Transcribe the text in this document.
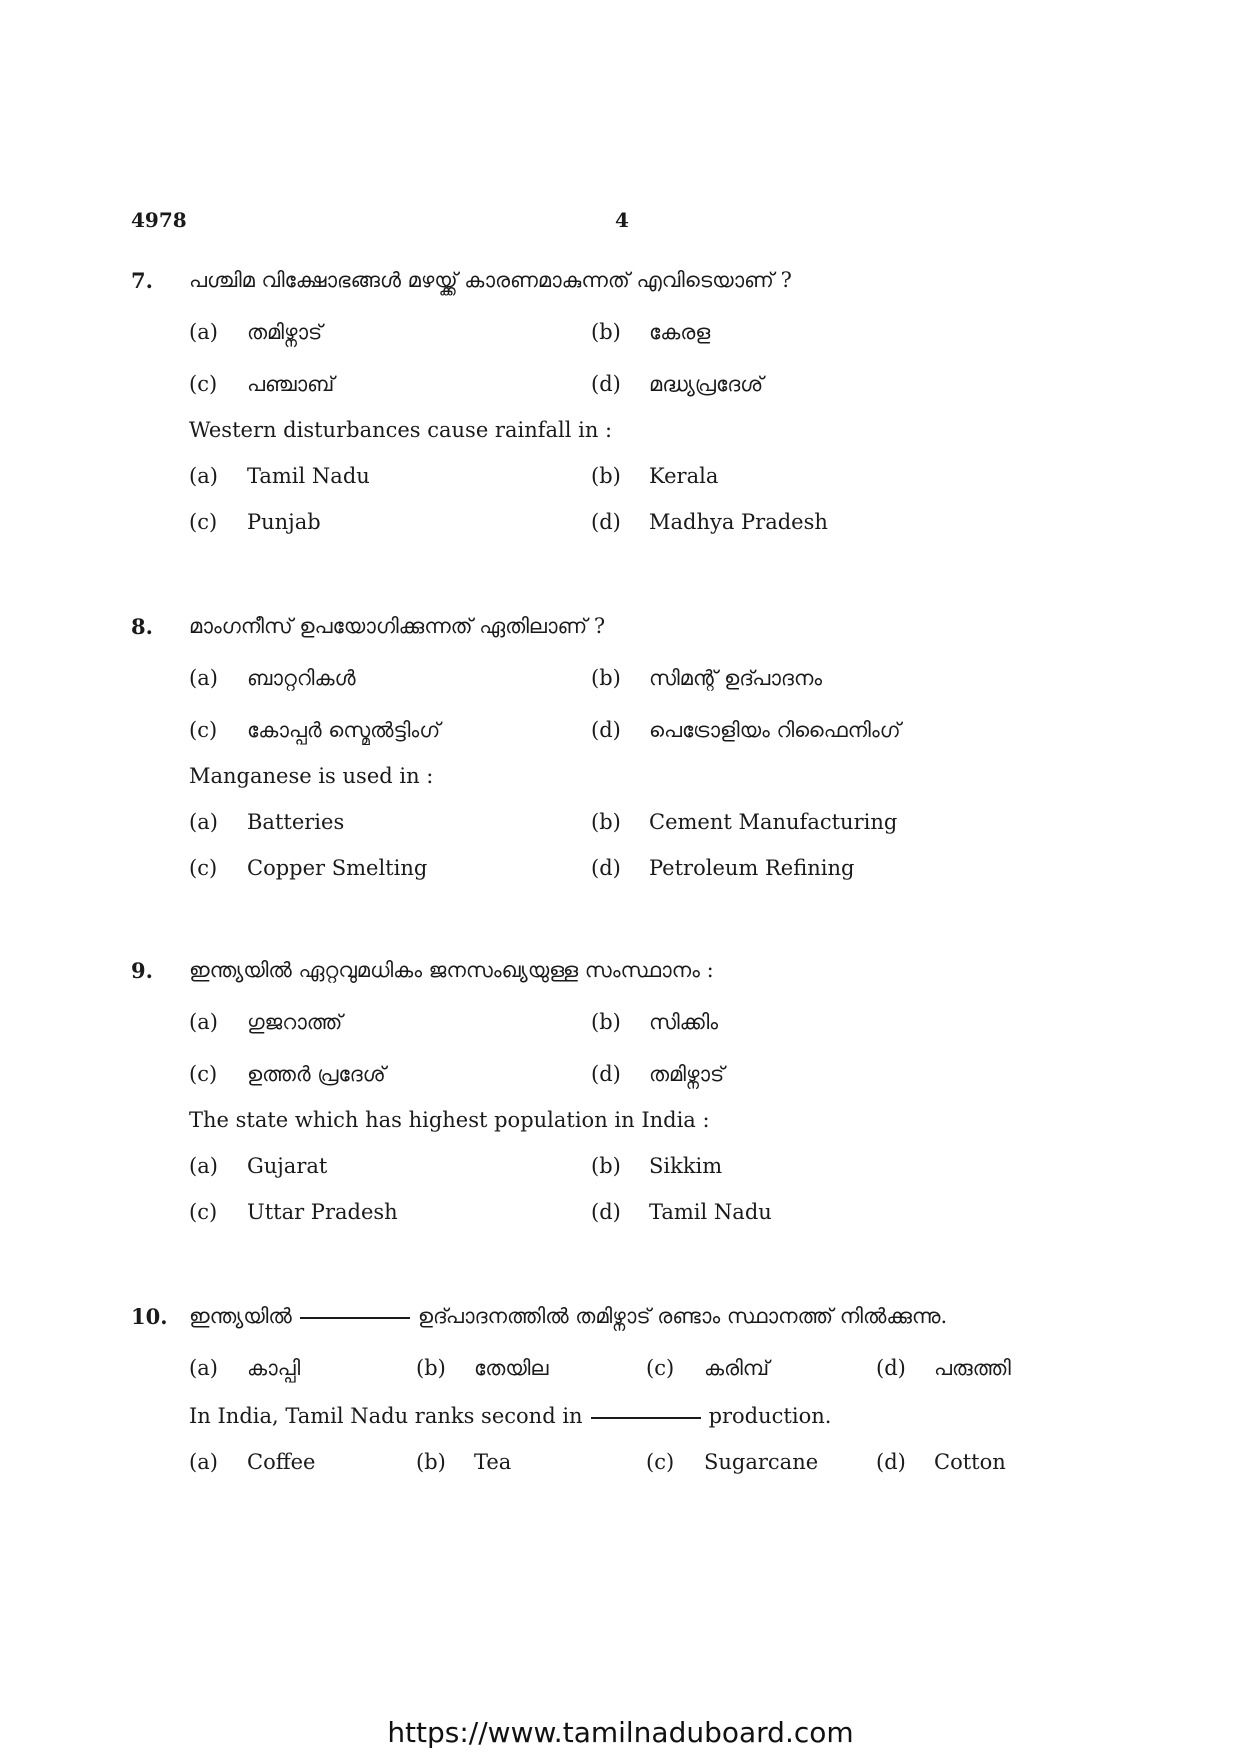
4978	4
7. പശ്ചിമ വിക്ഷോഭങ്ങൾ മഴയ്ക്ക് കാരണമാകുന്നത് എവിടെയാണ് ?
(a) തമിഴ്നാട്	(b) കേരള
(c) പഞ്ചാബ്	(d) മദ്ധ്യപ്രദേശ്
Western disturbances cause rainfall in :
(a) Tamil Nadu	(b) Kerala
(c) Punjab	(d) Madhya Pradesh
8. മാംഗനീസ് ഉപയോഗിക്കുന്നത് ഏതിലാണ് ?
(a) ബാറ്ററികൾ	(b) സിമന്റ് ഉദ്പാദനം
(c) കോപ്പർ സ്മെൽട്ടിംഗ്	(d) പെട്രോളിയം റിഫൈനിംഗ്
Manganese is used in :
(a) Batteries	(b) Cement Manufacturing
(c) Copper Smelting	(d) Petroleum Refining
9. ഇന്ത്യയിൽ ഏറ്റവുമധികം ജനസംഖ്യയുള്ള സംസ്ഥാനം :
(a) ഗുജറാത്ത്	(b) സിക്കിം
(c) ഉത്തർ പ്രദേശ്	(d) തമിഴ്നാട്
The state which has highest population in India :
(a) Gujarat	(b) Sikkim
(c) Uttar Pradesh	(d) Tamil Nadu
10. ഇന്ത്യയിൽ	ഉദ്പാദനത്തിൽ തമിഴ്നാട് രണ്ടാം സ്ഥാനത്ത് നിൽക്കുന്നു.
(a) കാപ്പി	(b) തേയില	(c) കരിമ്പ്	(d) പരുത്തി
In India, Tamil Nadu ranks second in	production.
(a) Coffee	(b) Tea	(c) Sugarcane	(d) Cotton
https://www.tamilnaduboard.com
